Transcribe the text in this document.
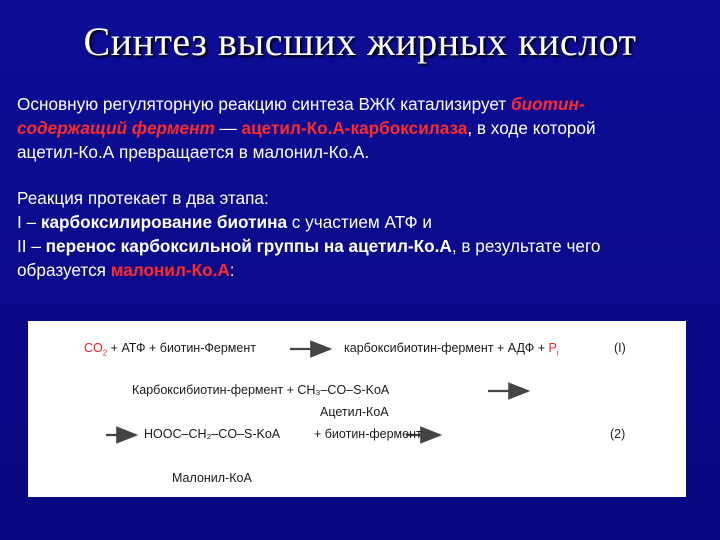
Синтез высших жирных кислот

Основную регуляторную реакцию синтеза ВЖК катализирует биотин-
содержащий фермент — ацетил-Ко.А-карбоксилаза, в ходе которой
ацетил-Ко.А превращается в малонил-Ко.А.

Реакция протекает в два этапа:
I – карбоксилирование биотина с участием АТФ и
II – перенос карбоксильной группы на ацетил-Ко.А, в результате чего
образуется малонил-Ко.А:

$CO_2$ + АТФ + биотин-Фермент	карбоксибиотин-фермент + АДФ + $P_i$	(I)
Карбоксибиотин-фермент + CH₃–CO–S-KoA
Ацетил-КоА
HOOC–CH₂–CO–S-KoA	+ биотин-фермент	(2)
Малонил-КоА
